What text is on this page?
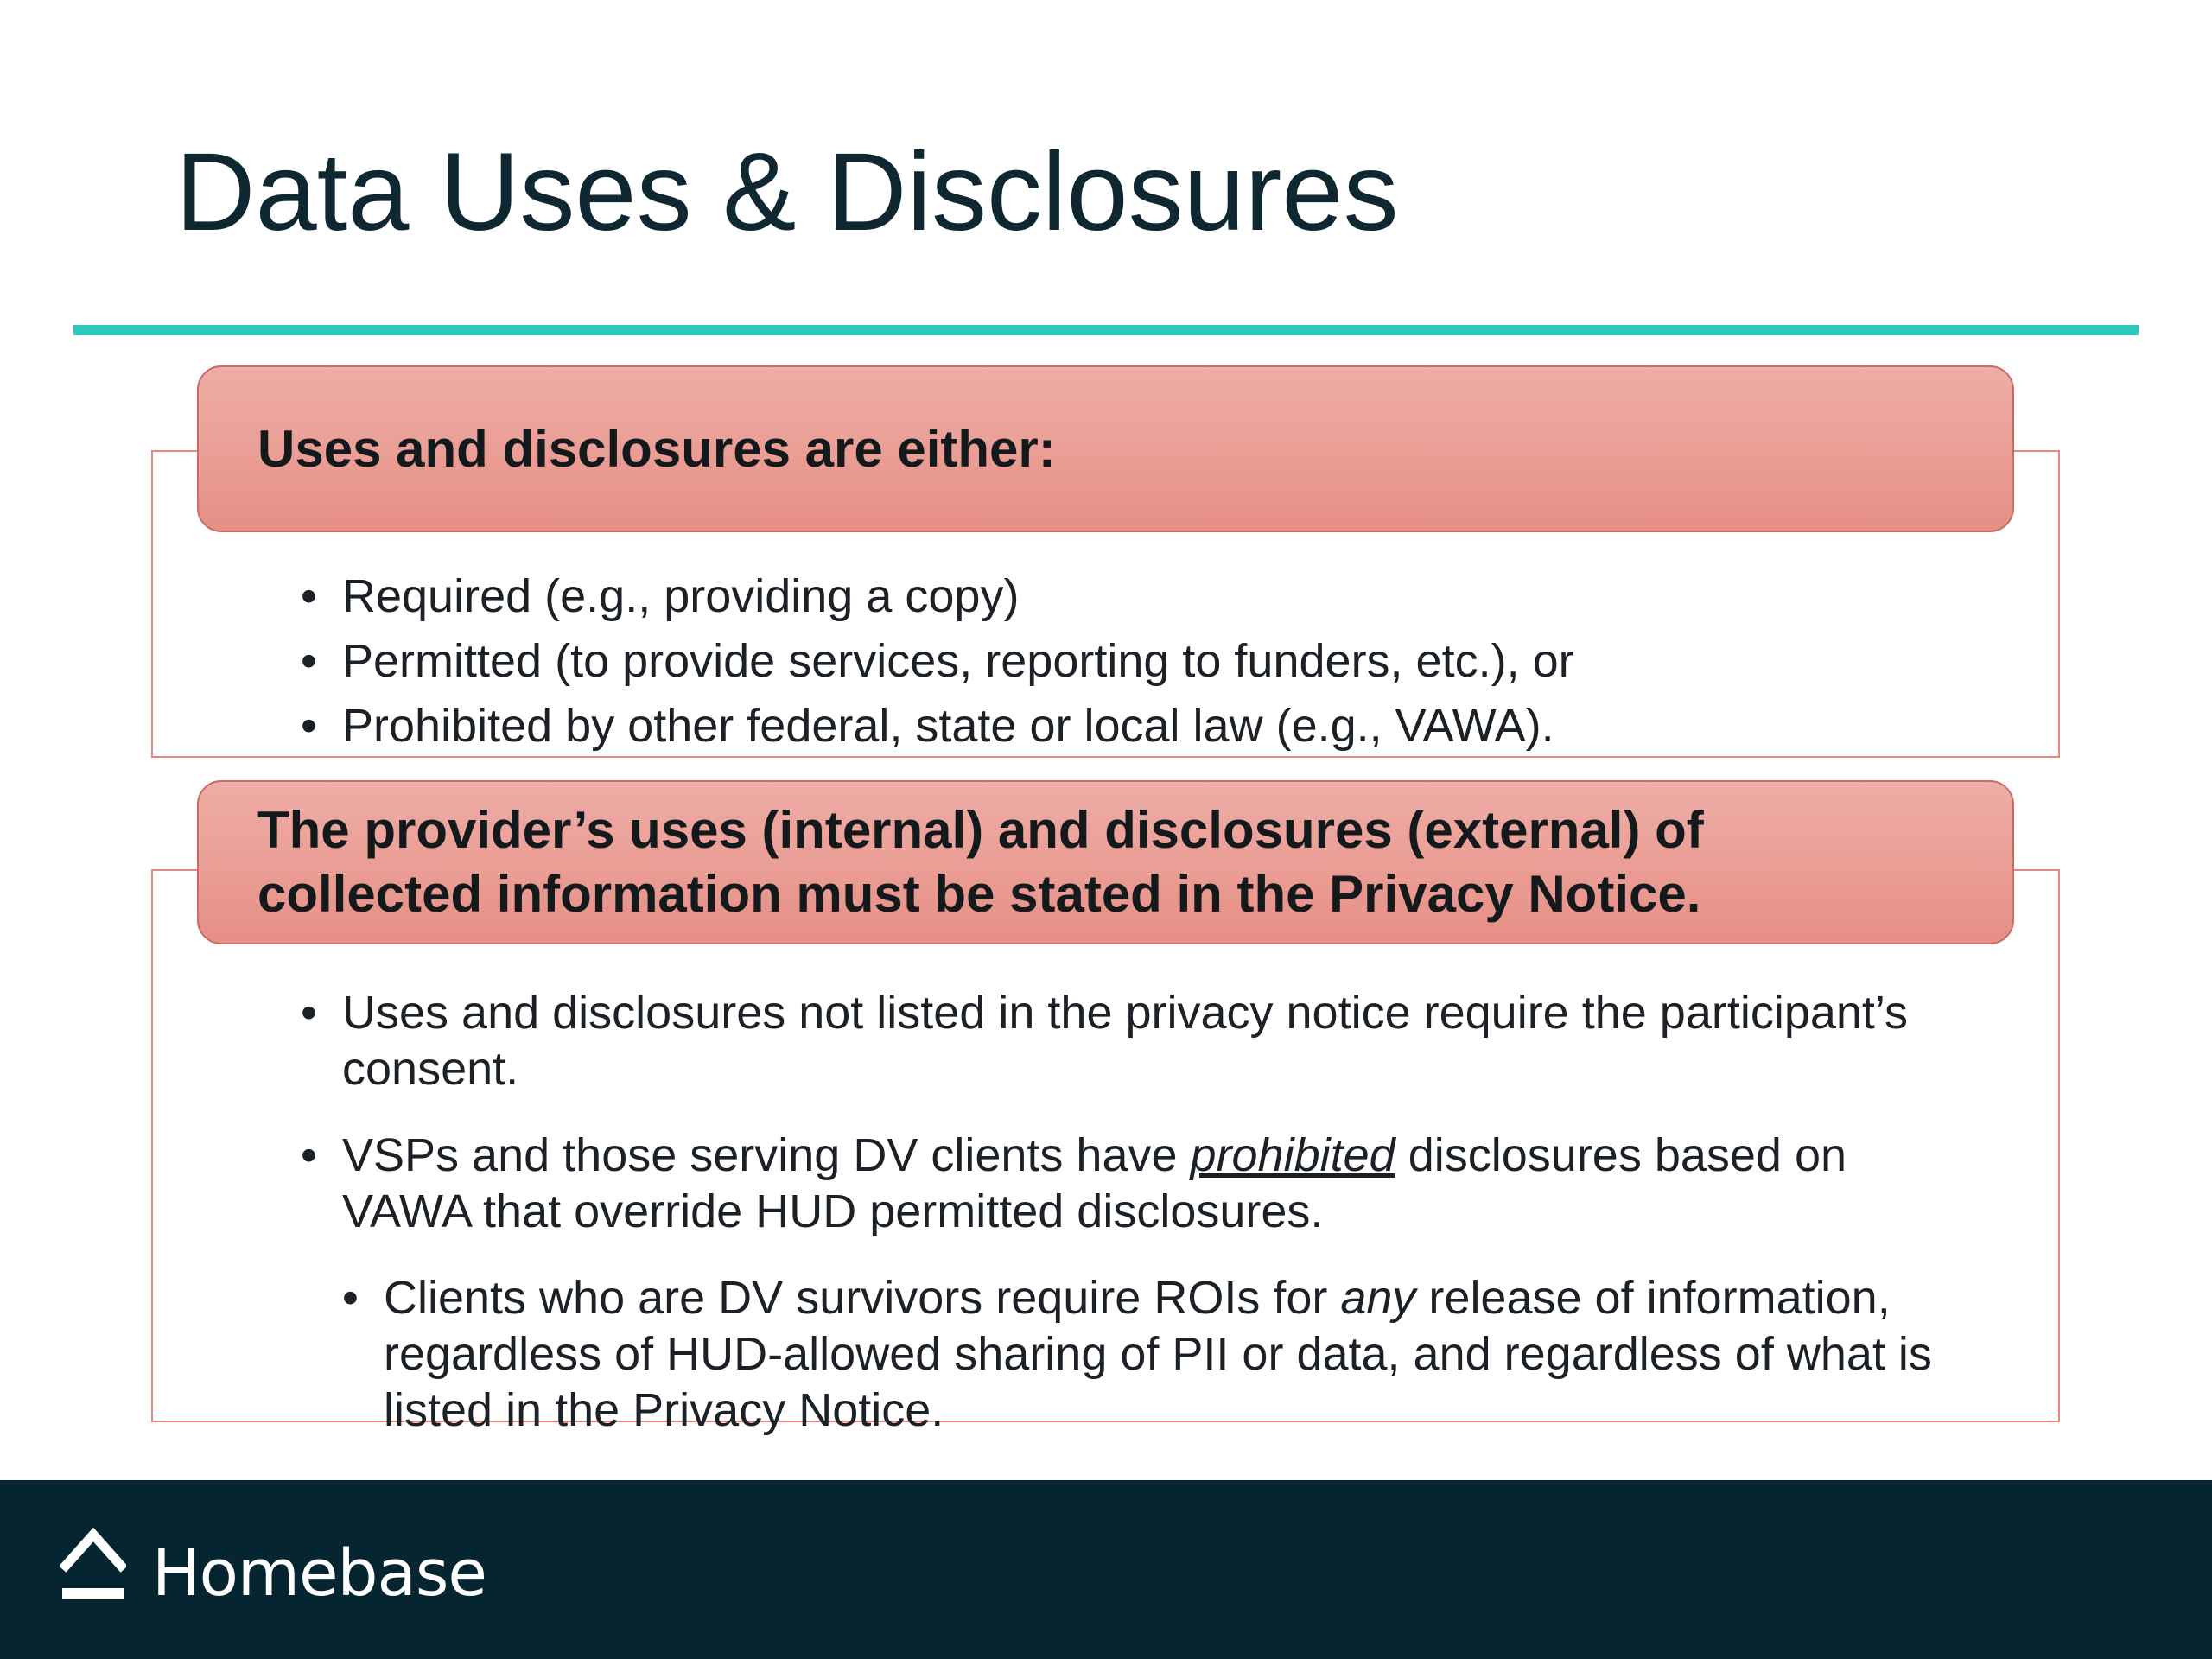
Data Uses & Disclosures
Uses and disclosures are either:
• Required (e.g., providing a copy)
• Permitted (to provide services, reporting to funders, etc.), or
• Prohibited by other federal, state or local law (e.g., VAWA).
The provider’s uses (internal) and disclosures (external) of
collected information must be stated in the Privacy Notice.
• Uses and disclosures not listed in the privacy notice require the participant’s consent.
• VSPs and those serving DV clients have prohibited disclosures based on VAWA that override HUD permitted disclosures.
• Clients who are DV survivors require ROIs for any release of information, regardless of HUD-allowed sharing of PII or data, and regardless of what is listed in the Privacy Notice.
Homebase
